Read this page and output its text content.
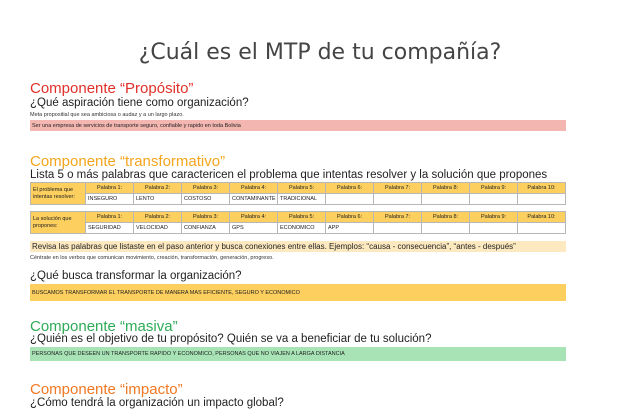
¿Cuál es el MTP de tu compañía?
Componente “Propósito”
¿Qué aspiración tiene como organización?
Meta propositial que sea ambiciosa o audaz y a un largo plazo.
Ser una empresa de servicios de transporte seguro, confiable y rapido en toda Bolivia
Componente “transformativo”
Lista 5 o más palabras que caractericen el problema que intentas resolver y la solución que propones
El problema que intentas resolver:	Palabra 1:	Palabra 2:	Palabra 3:	Palabra 4:	Palabra 5:	Palabra 6:	Palabra 7:	Palabra 8:	Palabra 9:	Palabra 10:
	INSEGURO	LENTO	COSTOSO	CONTAMINANTE	TRADICIONAL					
La solución que propones:	Palabra 1:	Palabra 2:	Palabra 3:	Palabra 4:	Palabra 5:	Palabra 6:	Palabra 7:	Palabra 8:	Palabra 9:	Palabra 10:
	SEGURIDAD	VELOCIDAD	CONFIANZA	GPS	ECONOMICO	APP				
Revisa las palabras que listaste en el paso anterior y busca conexiones entre ellas. Ejemplos: “causa - consecuencia”, “antes - después”
Céntrate en los verbos que comunican movimiento, creación, transformación, generación, progreso.
¿Qué busca transformar la organización?
BUSCAMOS TRANSFORMAR EL TRANSPORTE DE MANERA MAS EFICIENTE, SEGURO Y ECONOMICO
Componente “masiva”
¿Quién es el objetivo de tu propósito? Quién se va a beneficiar de tu solución?
PERSONAS QUE DESEEN UN TRANSPORTE RAPIDO Y ECONOMICO, PERSONAS QUE NO VIAJEN A LARGA DISTANCIA
Componente “impacto”
¿Cómo tendrá la organización un impacto global?
